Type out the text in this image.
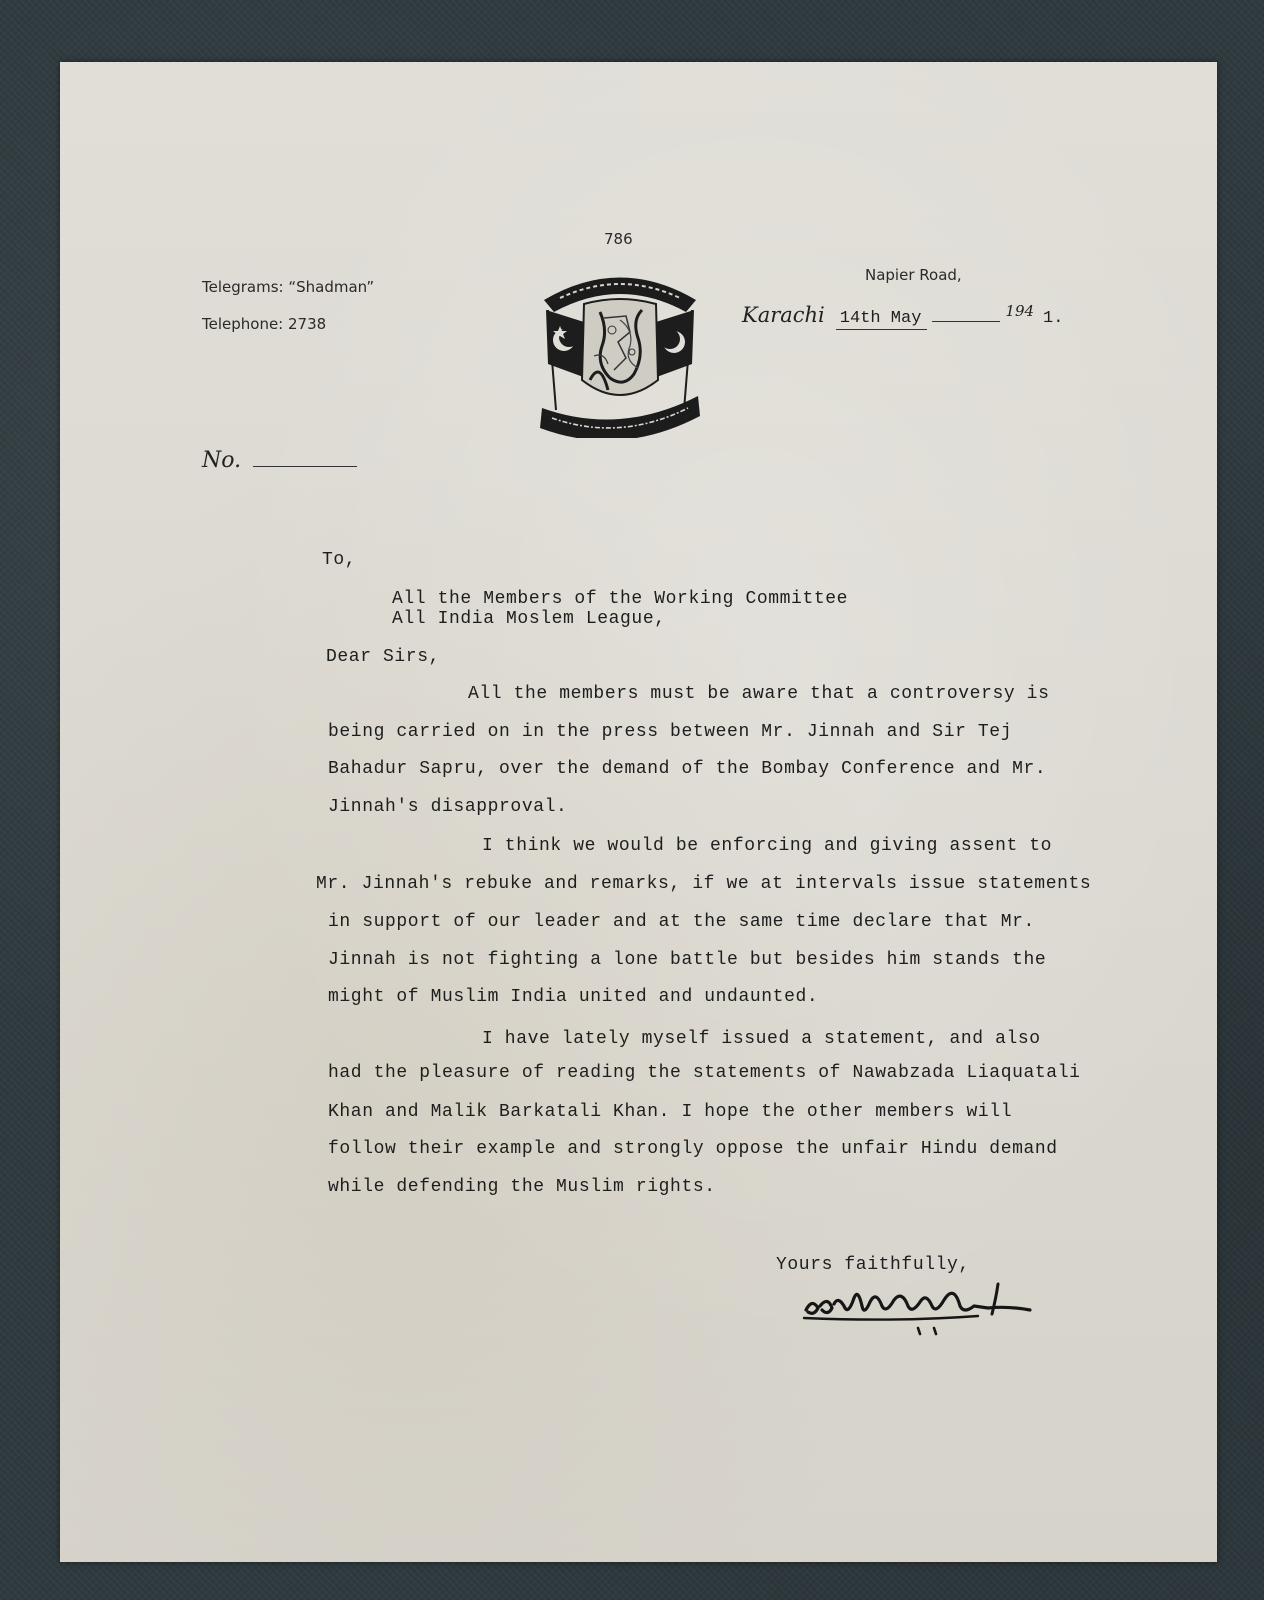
786
Telegrams: “Shadman”
Telephone: 2738
Napier Road,
Karachi 14th May	$^{194}$ 1.
No.
To,
All the Members of the Working Committee
All India Moslem League,
Dear Sirs,
All the members must be aware that a controversy is
being carried on in the press between Mr. Jinnah and Sir Tej
Bahadur Sapru, over the demand of the Bombay Conference and Mr.
Jinnah's disapproval.
I think we would be enforcing and giving assent to
Mr. Jinnah's rebuke and remarks, if we at intervals issue statements
in support of our leader and at the same time declare that Mr.
Jinnah is not fighting a lone battle but besides him stands the
might of Muslim India united and undaunted.
I have lately myself issued a statement, and also
had the pleasure of reading the statements of Nawabzada Liaquatali
Khan and Malik Barkatali Khan. I hope the other members will
follow their example and strongly oppose the unfair Hindu demand
while defending the Muslim rights.
Yours faithfully,
